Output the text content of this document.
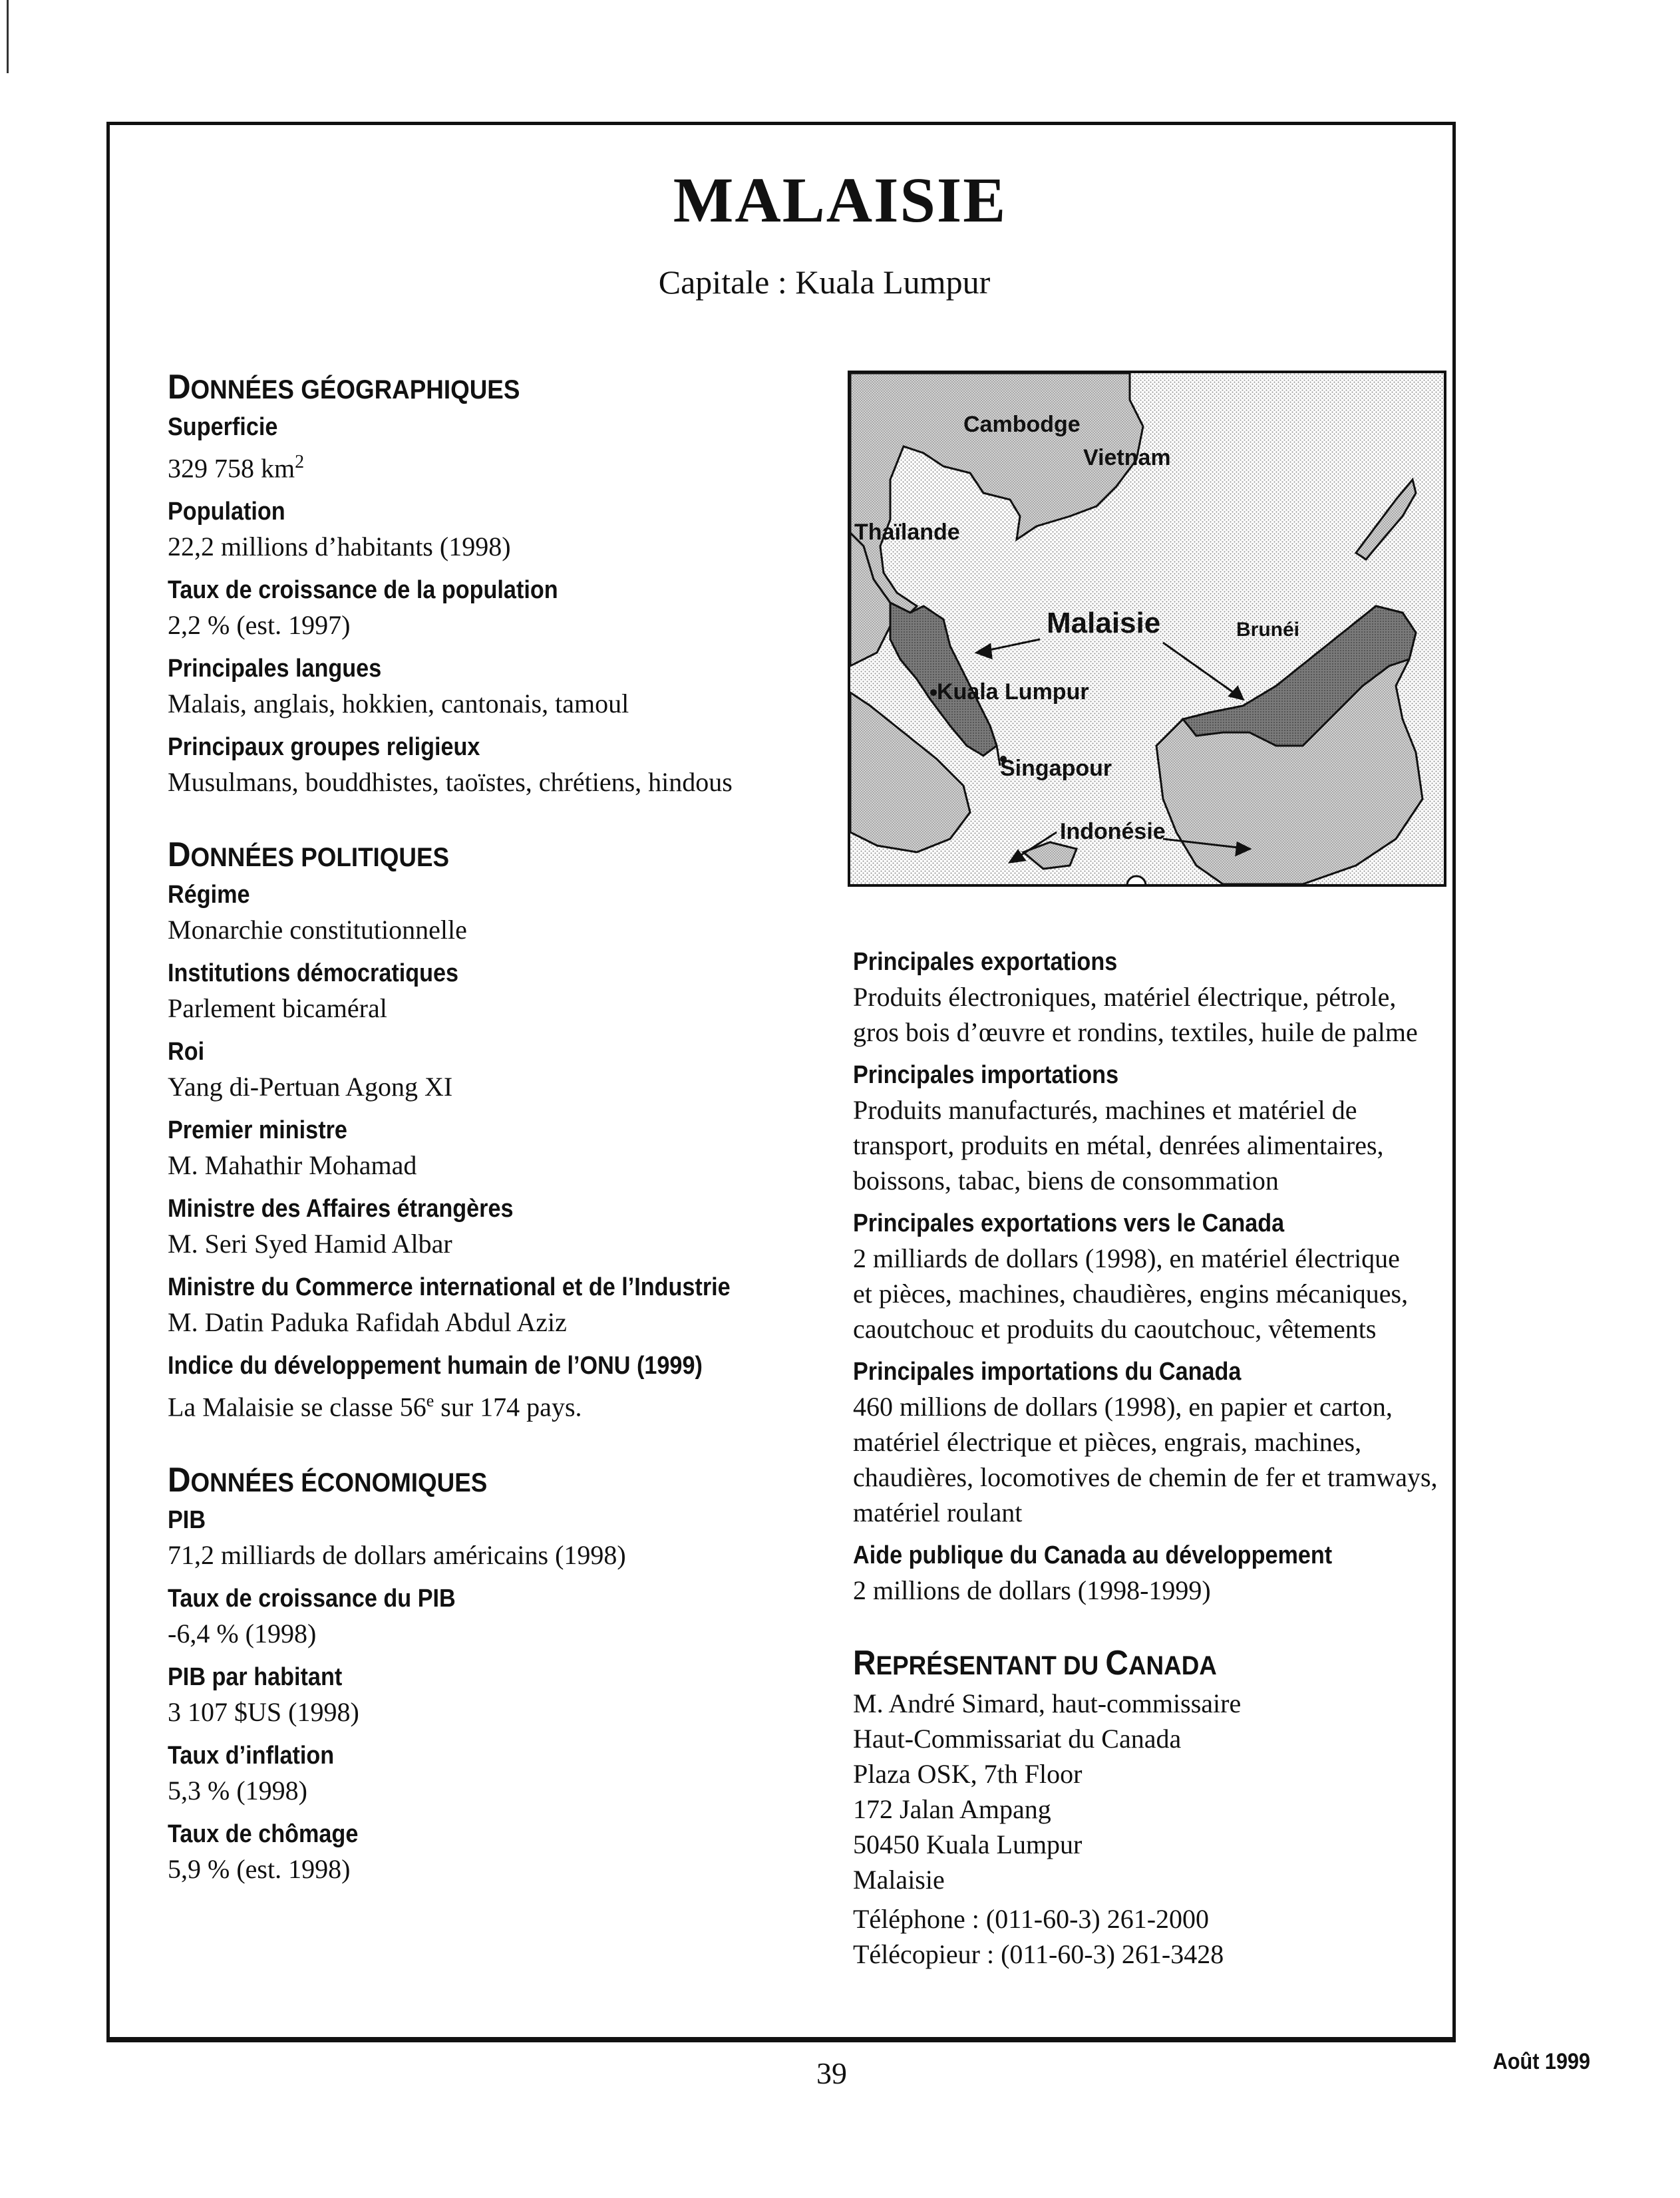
MALAISIE
Capitale : Kuala Lumpur
DONNÉES GÉOGRAPHIQUES
Superficie
329 758 $km^2$
Population
22,2 millions d’habitants (1998)
Taux de croissance de la population
2,2 % (est. 1997)
Principales langues
Malais, anglais, hokkien, cantonais, tamoul
Principaux groupes religieux
Musulmans, bouddhistes, taoïstes, chrétiens, hindous
DONNÉES POLITIQUES
Régime
Monarchie constitutionnelle
Institutions démocratiques
Parlement bicaméral
Roi
Yang di-Pertuan Agong XI
Premier ministre
M. Mahathir Mohamad
Ministre des Affaires étrangères
M. Seri Syed Hamid Albar
Ministre du Commerce international et de l’Industrie
M. Datin Paduka Rafidah Abdul Aziz
Indice du développement humain de l’ONU (1999)
La Malaisie se classe 56e sur 174 pays.
DONNÉES ÉCONOMIQUES
PIB
71,2 milliards de dollars américains (1998)
Taux de croissance du PIB
-6,4 % (1998)
PIB par habitant
3 107 $US (1998)
Taux d’inflation
5,3 % (1998)
Taux de chômage
5,9 % (est. 1998)
Cambodge
Vietnam
Thaïlande
Malaisie	Brunéi
Kuala Lumpur
Singapour
Indonésie
Principales exportations
Produits électroniques, matériel électrique, pétrole,
gros bois d’œuvre et rondins, textiles, huile de palme
Principales importations
Produits manufacturés, machines et matériel de
transport, produits en métal, denrées alimentaires,
boissons, tabac, biens de consommation
Principales exportations vers le Canada
2 milliards de dollars (1998), en matériel électrique
et pièces, machines, chaudières, engins mécaniques,
caoutchouc et produits du caoutchouc, vêtements
Principales importations du Canada
460 millions de dollars (1998), en papier et carton,
matériel électrique et pièces, engrais, machines,
chaudières, locomotives de chemin de fer et tramways,
matériel roulant
Aide publique du Canada au développement
2 millions de dollars (1998-1999)
REPRÉSENTANT DU CANADA
M. André Simard, haut-commissaire
Haut-Commissariat du Canada
Plaza OSK, 7th Floor
172 Jalan Ampang
50450 Kuala Lumpur
Malaisie
Téléphone : (011-60-3) 261-2000
Télécopieur : (011-60-3) 261-3428
39	Août 1999
